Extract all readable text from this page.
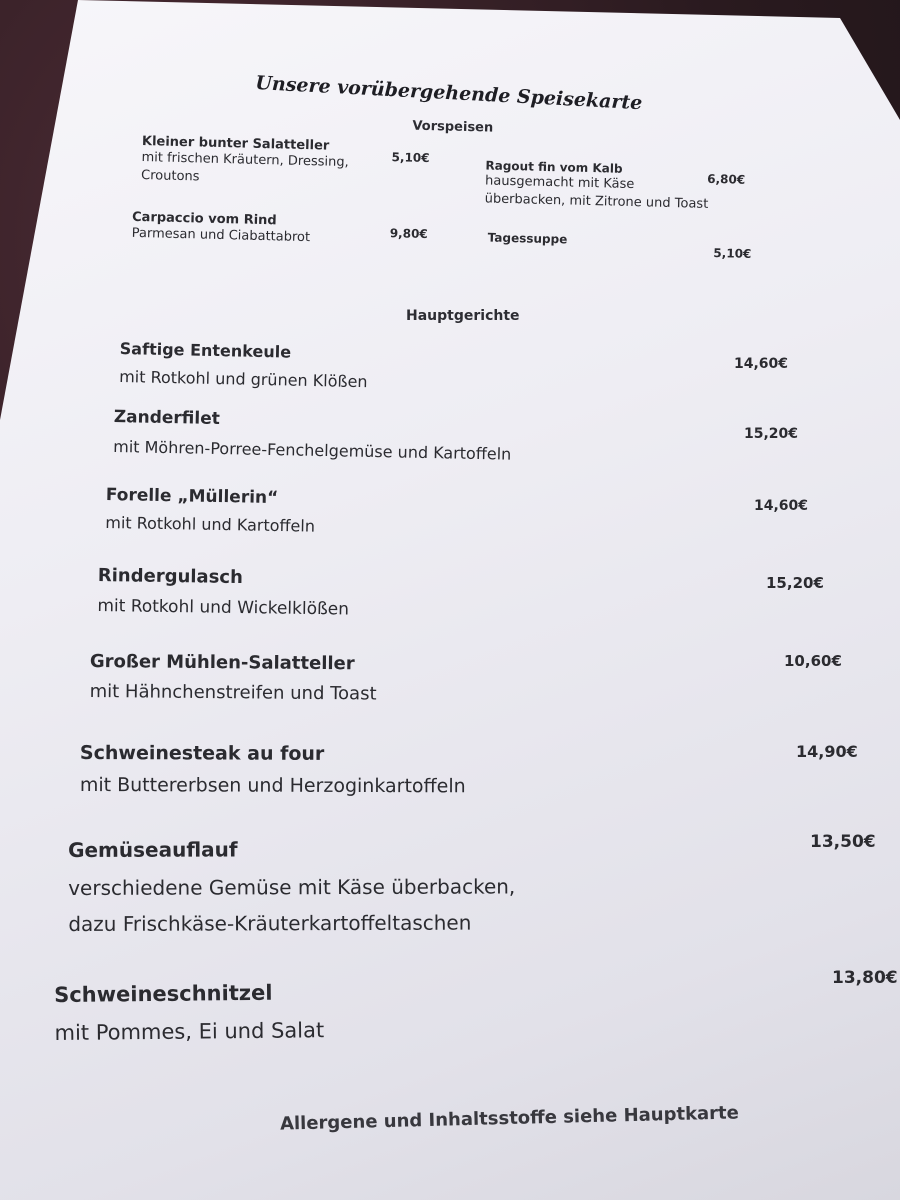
Unsere vorübergehende Speisekarte
Vorspeisen
Kleiner bunter Salatteller
mit frischen Kräutern, Dressing,
Croutons
5,10€
Ragout fin vom Kalb
hausgemacht mit Käse
überbacken, mit Zitrone und Toast
6,80€
Carpaccio vom Rind
Parmesan und Ciabattabrot	9,80€	Tagessuppe
5,10€
Hauptgerichte
Saftige Entenkeule
mit Rotkohl und grünen Klößen
14,60€
Zanderfilet
mit Möhren-Porree-Fenchelgemüse und Kartoffeln
15,20€
Forelle „Müllerin“
mit Rotkohl und Kartoffeln
14,60€
Rindergulasch
mit Rotkohl und Wickelklößen
15,20€
Großer Mühlen-Salatteller
mit Hähnchenstreifen und Toast
10,60€
Schweinesteak au four
mit Buttererbsen und Herzoginkartoffeln
14,90€
Gemüseauflauf
verschiedene Gemüse mit Käse überbacken,
dazu Frischkäse-Kräuterkartoffeltaschen
13,50€
Schweineschnitzel
mit Pommes, Ei und Salat
13,80€
Allergene und Inhaltsstoffe siehe Hauptkarte
